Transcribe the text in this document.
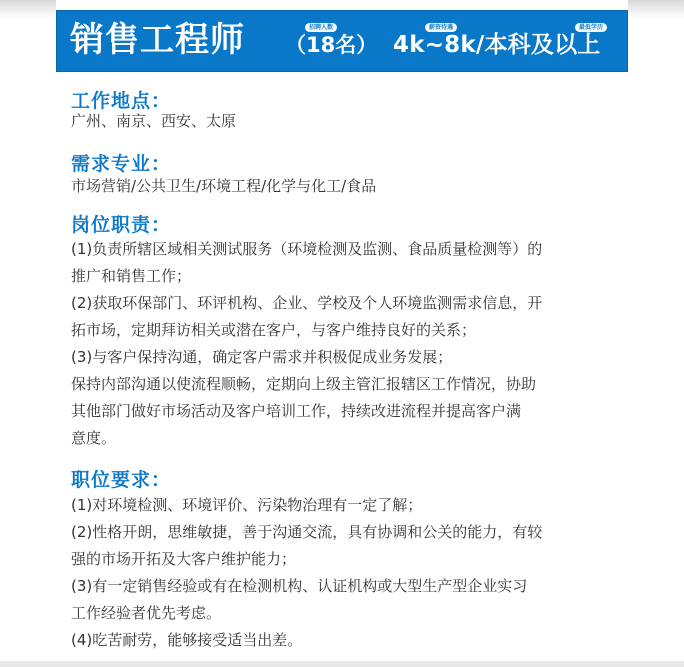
销售工程师	招聘人数
（18名）
薪资待遇	最低学历
4k~8k/本科及以上
工作地点：
广州、南京、西安、太原
需求专业：
市场营销/公共卫生/环境工程/化学与化工/食品
岗位职责：
(1)负责所辖区域相关测试服务（环境检测及监测、食品质量检测等）的
推广和销售工作；
(2)获取环保部门、环评机构、企业、学校及个人环境监测需求信息，开
拓市场，定期拜访相关或潜在客户，与客户维持良好的关系；
(3)与客户保持沟通，确定客户需求并积极促成业务发展；
保持内部沟通以使流程顺畅，定期向上级主管汇报辖区工作情况，协助
其他部门做好市场活动及客户培训工作，持续改进流程并提高客户满
意度。
职位要求：
(1)对环境检测、环境评价、污染物治理有一定了解；
(2)性格开朗，思维敏捷，善于沟通交流，具有协调和公关的能力，有较
强的市场开拓及大客户维护能力；
(3)有一定销售经验或有在检测机构、认证机构或大型生产型企业实习
工作经验者优先考虑。
(4)吃苦耐劳，能够接受适当出差。
